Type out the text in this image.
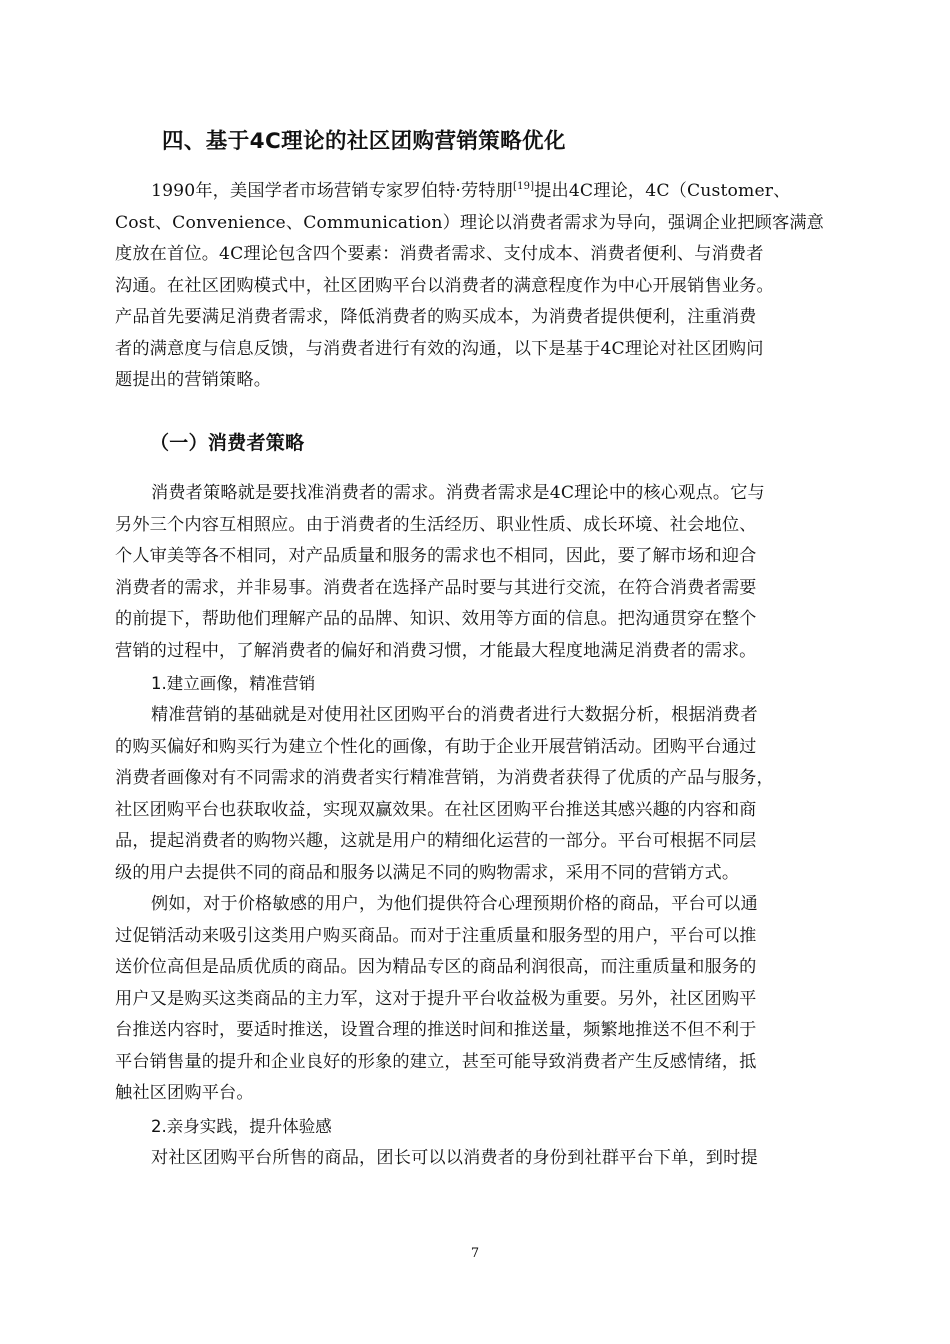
四、基于4C理论的社区团购营销策略优化
1990年，美国学者市场营销专家罗伯特·劳特朋[19]提出4C理论，4C（Customer、
Cost、Convenience、Communication）理论以消费者需求为导向，强调企业把顾客满意
度放在首位。4C理论包含四个要素：消费者需求、支付成本、消费者便利、与消费者
沟通。在社区团购模式中，社区团购平台以消费者的满意程度作为中心开展销售业务。
产品首先要满足消费者需求，降低消费者的购买成本，为消费者提供便利，注重消费
者的满意度与信息反馈，与消费者进行有效的沟通，以下是基于4C理论对社区团购问
题提出的营销策略。
（一）消费者策略
消费者策略就是要找准消费者的需求。消费者需求是4C理论中的核心观点。它与
另外三个内容互相照应。由于消费者的生活经历、职业性质、成长环境、社会地位、
个人审美等各不相同，对产品质量和服务的需求也不相同，因此，要了解市场和迎合
消费者的需求，并非易事。消费者在选择产品时要与其进行交流，在符合消费者需要
的前提下，帮助他们理解产品的品牌、知识、效用等方面的信息。把沟通贯穿在整个
营销的过程中，了解消费者的偏好和消费习惯，才能最大程度地满足消费者的需求。
1.建立画像，精准营销
精准营销的基础就是对使用社区团购平台的消费者进行大数据分析，根据消费者
的购买偏好和购买行为建立个性化的画像，有助于企业开展营销活动。团购平台通过
消费者画像对有不同需求的消费者实行精准营销，为消费者获得了优质的产品与服务，
社区团购平台也获取收益，实现双赢效果。在社区团购平台推送其感兴趣的内容和商
品，提起消费者的购物兴趣，这就是用户的精细化运营的一部分。平台可根据不同层
级的用户去提供不同的商品和服务以满足不同的购物需求，采用不同的营销方式。
例如，对于价格敏感的用户，为他们提供符合心理预期价格的商品，平台可以通
过促销活动来吸引这类用户购买商品。而对于注重质量和服务型的用户，平台可以推
送价位高但是品质优质的商品。因为精品专区的商品利润很高，而注重质量和服务的
用户又是购买这类商品的主力军，这对于提升平台收益极为重要。另外，社区团购平
台推送内容时，要适时推送，设置合理的推送时间和推送量，频繁地推送不但不利于
平台销售量的提升和企业良好的形象的建立，甚至可能导致消费者产生反感情绪，抵
触社区团购平台。
2.亲身实践，提升体验感
对社区团购平台所售的商品，团长可以以消费者的身份到社群平台下单，到时提
7
